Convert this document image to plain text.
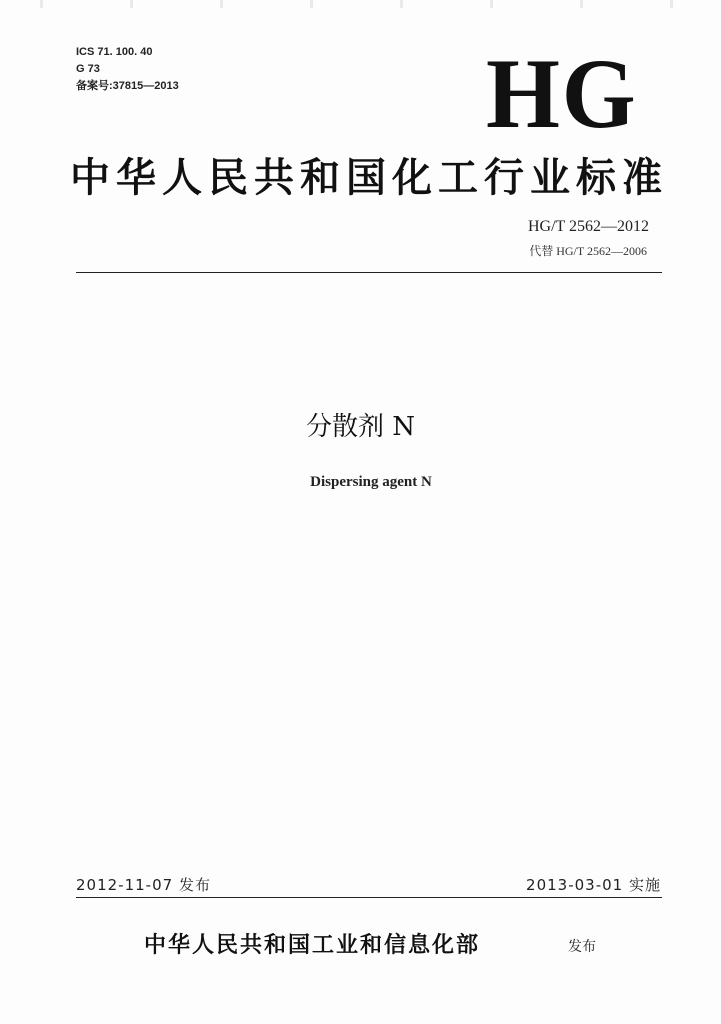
ICS 71. 100. 40
G 73
备案号:37815—2013	HG
中华人民共和国化工行业标准
HG/T 2562—2012
代替 HG/T 2562—2006
分散剂 N
Dispersing agent N
2012-11-07 发布	2013-03-01 实施
中华人民共和国工业和信息化部	发布
